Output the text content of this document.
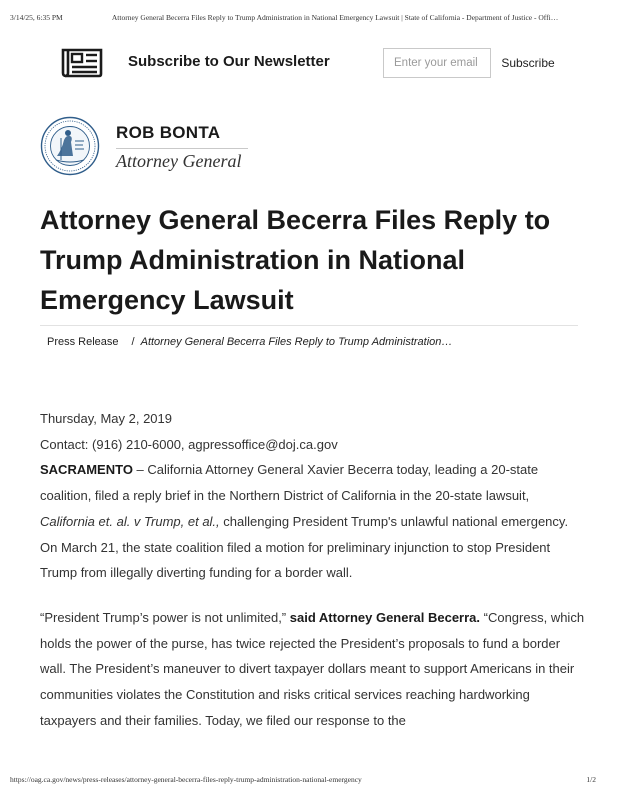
3/14/25, 6:35 PM	Attorney General Becerra Files Reply to Trump Administration in National Emergency Lawsuit | State of California - Department of Justice - Offi…
Subscribe to Our Newsletter
Enter your email	Subscribe
ROB BONTA
Attorney General
Attorney General Becerra Files Reply to Trump Administration in National Emergency Lawsuit
Press Release / Attorney General Becerra Files Reply to Trump Administration…

Thursday, May 2, 2019

Contact: (916) 210-6000, agpressoffice@doj.ca.gov

SACRAMENTO – California Attorney General Xavier Becerra today, leading a 20-state coalition, filed a reply brief in the Northern District of California in the 20-state lawsuit, California et. al. v Trump, et al., challenging President Trump's unlawful national emergency. On March 21, the state coalition filed a motion for preliminary injunction to stop President Trump from illegally diverting funding for a border wall.

“President Trump’s power is not unlimited,” said Attorney General Becerra. “Congress, which holds the power of the purse, has twice rejected the President’s proposals to fund a border wall. The President’s maneuver to divert taxpayer dollars meant to support Americans in their communities violates the Constitution and risks critical services reaching hardworking taxpayers and their families. Today, we filed our response to the

https://oag.ca.gov/news/press-releases/attorney-general-becerra-files-reply-trump-administration-national-emergency	1/2
